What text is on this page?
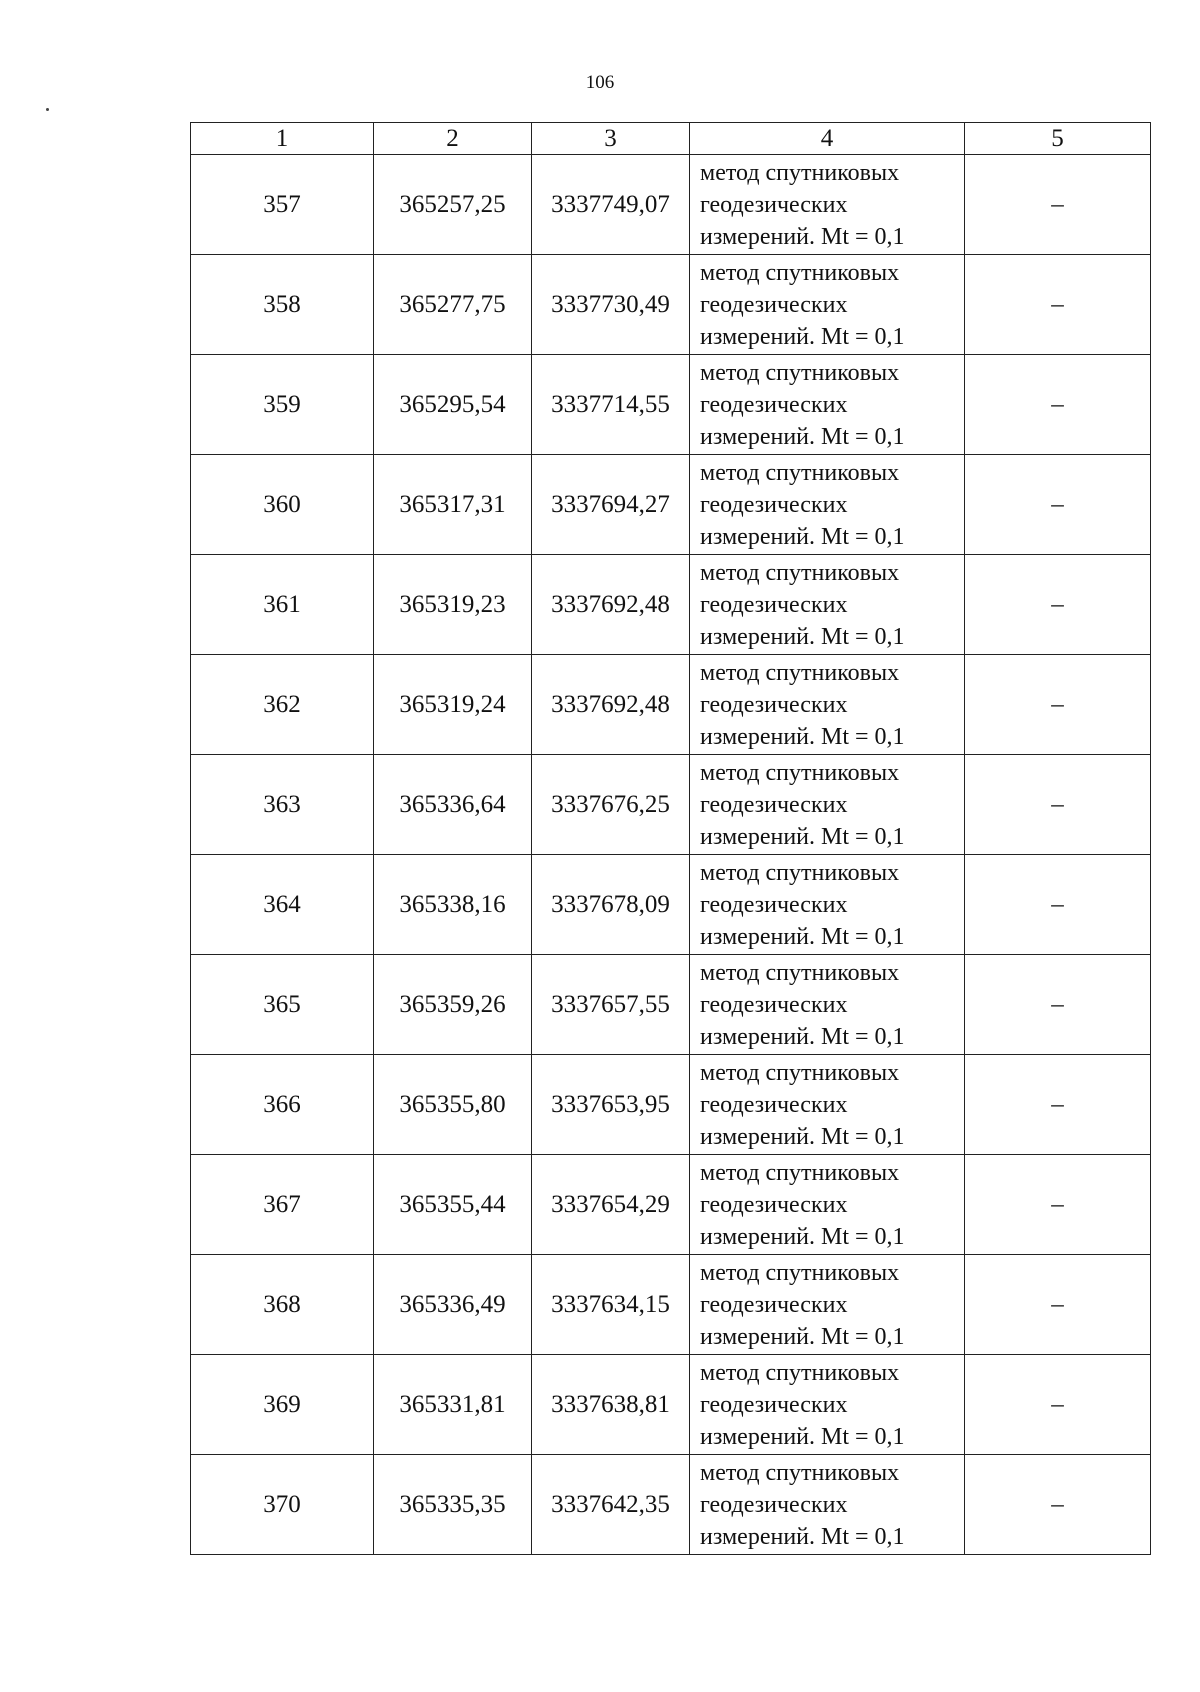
106
1	2	3	4	5
357	365257,25	3337749,07	метод спутниковых
геодезических
измерений. Mt = 0,1	–
358	365277,75	3337730,49	метод спутниковых
геодезических
измерений. Mt = 0,1	–
359	365295,54	3337714,55	метод спутниковых
геодезических
измерений. Mt = 0,1	–
360	365317,31	3337694,27	метод спутниковых
геодезических
измерений. Mt = 0,1	–
361	365319,23	3337692,48	метод спутниковых
геодезических
измерений. Mt = 0,1	–
362	365319,24	3337692,48	метод спутниковых
геодезических
измерений. Mt = 0,1	–
363	365336,64	3337676,25	метод спутниковых
геодезических
измерений. Mt = 0,1	–
364	365338,16	3337678,09	метод спутниковых
геодезических
измерений. Mt = 0,1	–
365	365359,26	3337657,55	метод спутниковых
геодезических
измерений. Mt = 0,1	–
366	365355,80	3337653,95	метод спутниковых
геодезических
измерений. Mt = 0,1	–
367	365355,44	3337654,29	метод спутниковых
геодезических
измерений. Mt = 0,1	–
368	365336,49	3337634,15	метод спутниковых
геодезических
измерений. Mt = 0,1	–
369	365331,81	3337638,81	метод спутниковых
геодезических
измерений. Mt = 0,1	–
370	365335,35	3337642,35	метод спутниковых
геодезических
измерений. Mt = 0,1	–
